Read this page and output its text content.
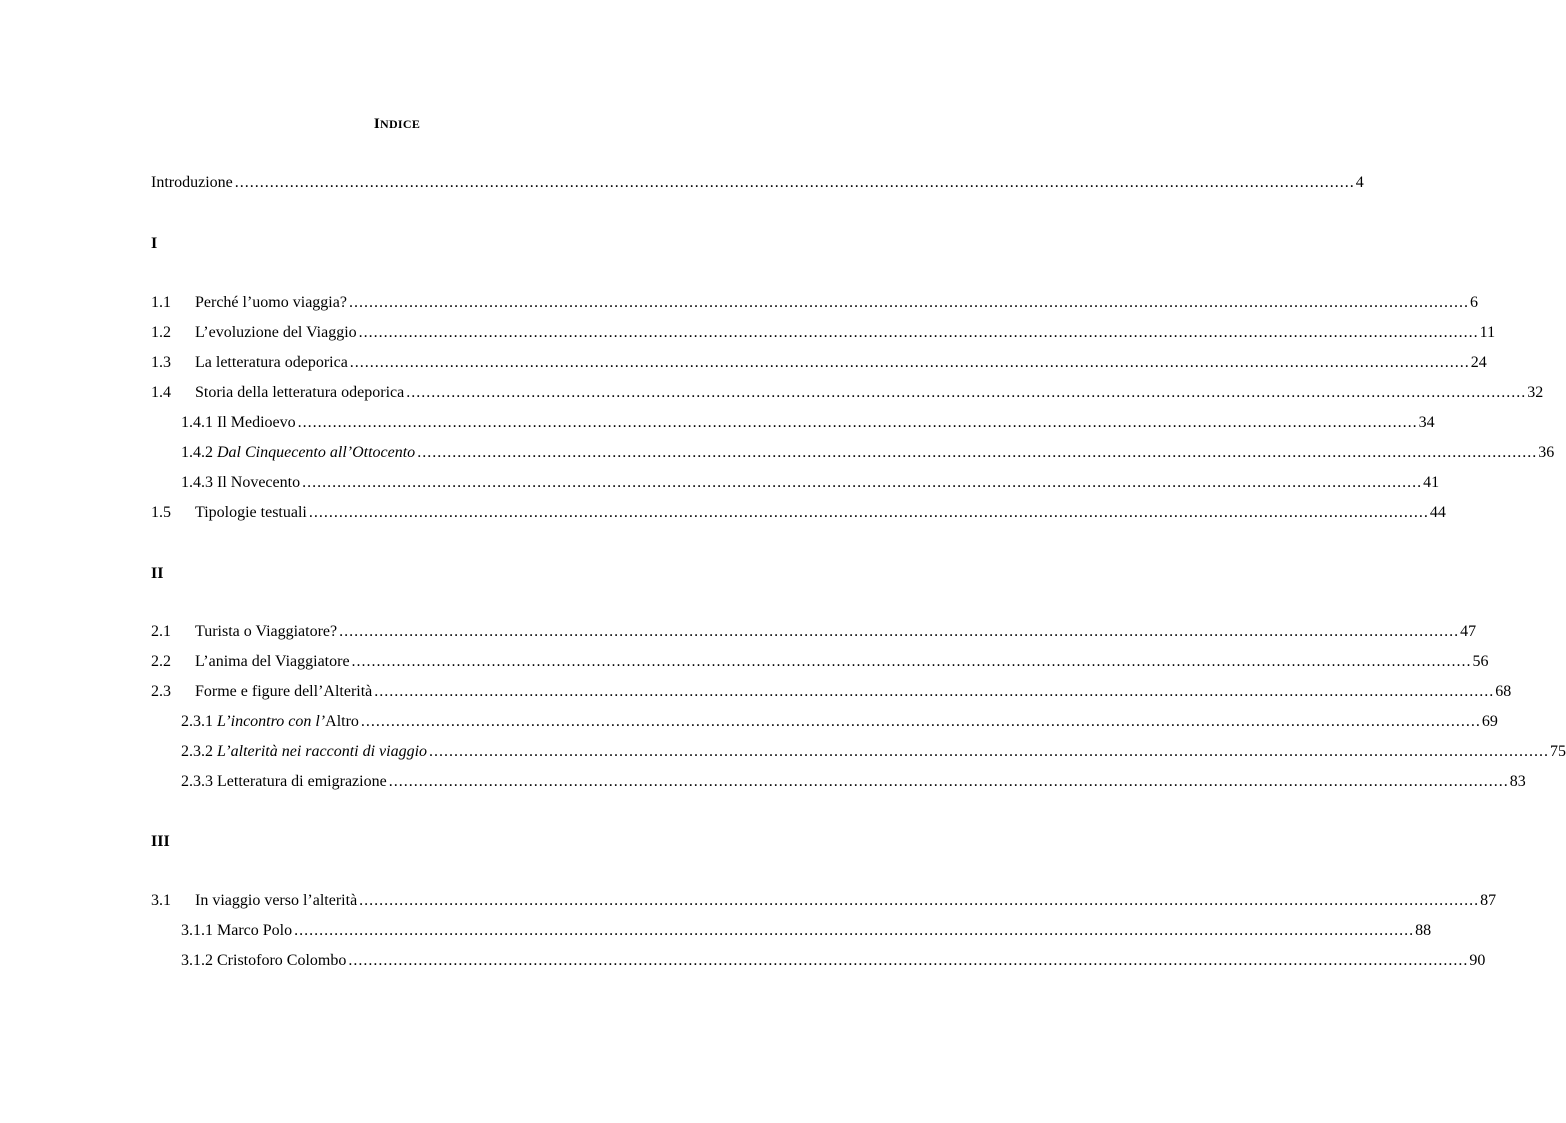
INDICE
Introduzione ................................................................................................................................................................................................................................ 4
I
1.1	Perché l’uomo viaggia? ................................................................................................................................................................................................................................ 6
1.2	L’evoluzione del Viaggio ................................................................................................................................................................................................................................ 11
1.3	La letteratura odeporica ................................................................................................................................................................................................................................ 24
1.4	Storia della letteratura odeporica ................................................................................................................................................................................................................................ 32
1.4.1 Il Medioevo ................................................................................................................................................................................................................................ 34
1.4.2 Dal Cinquecento all’Ottocento ................................................................................................................................................................................................................................ 36
1.4.3 Il Novecento ................................................................................................................................................................................................................................ 41
1.5	Tipologie testuali ................................................................................................................................................................................................................................ 44
II
2.1	Turista o Viaggiatore? ................................................................................................................................................................................................................................ 47
2.2	L’anima del Viaggiatore ................................................................................................................................................................................................................................ 56
2.3	Forme e figure dell’Alterità ................................................................................................................................................................................................................................ 68
2.3.1 L’incontro con l’Altro ................................................................................................................................................................................................................................ 69
2.3.2 L’alterità nei racconti di viaggio ................................................................................................................................................................................................................................ 75
2.3.3 Letteratura di emigrazione ................................................................................................................................................................................................................................ 83
III
3.1	In viaggio verso l’alterità ................................................................................................................................................................................................................................ 87
3.1.1 Marco Polo ................................................................................................................................................................................................................................ 88
3.1.2 Cristoforo Colombo ................................................................................................................................................................................................................................ 90
